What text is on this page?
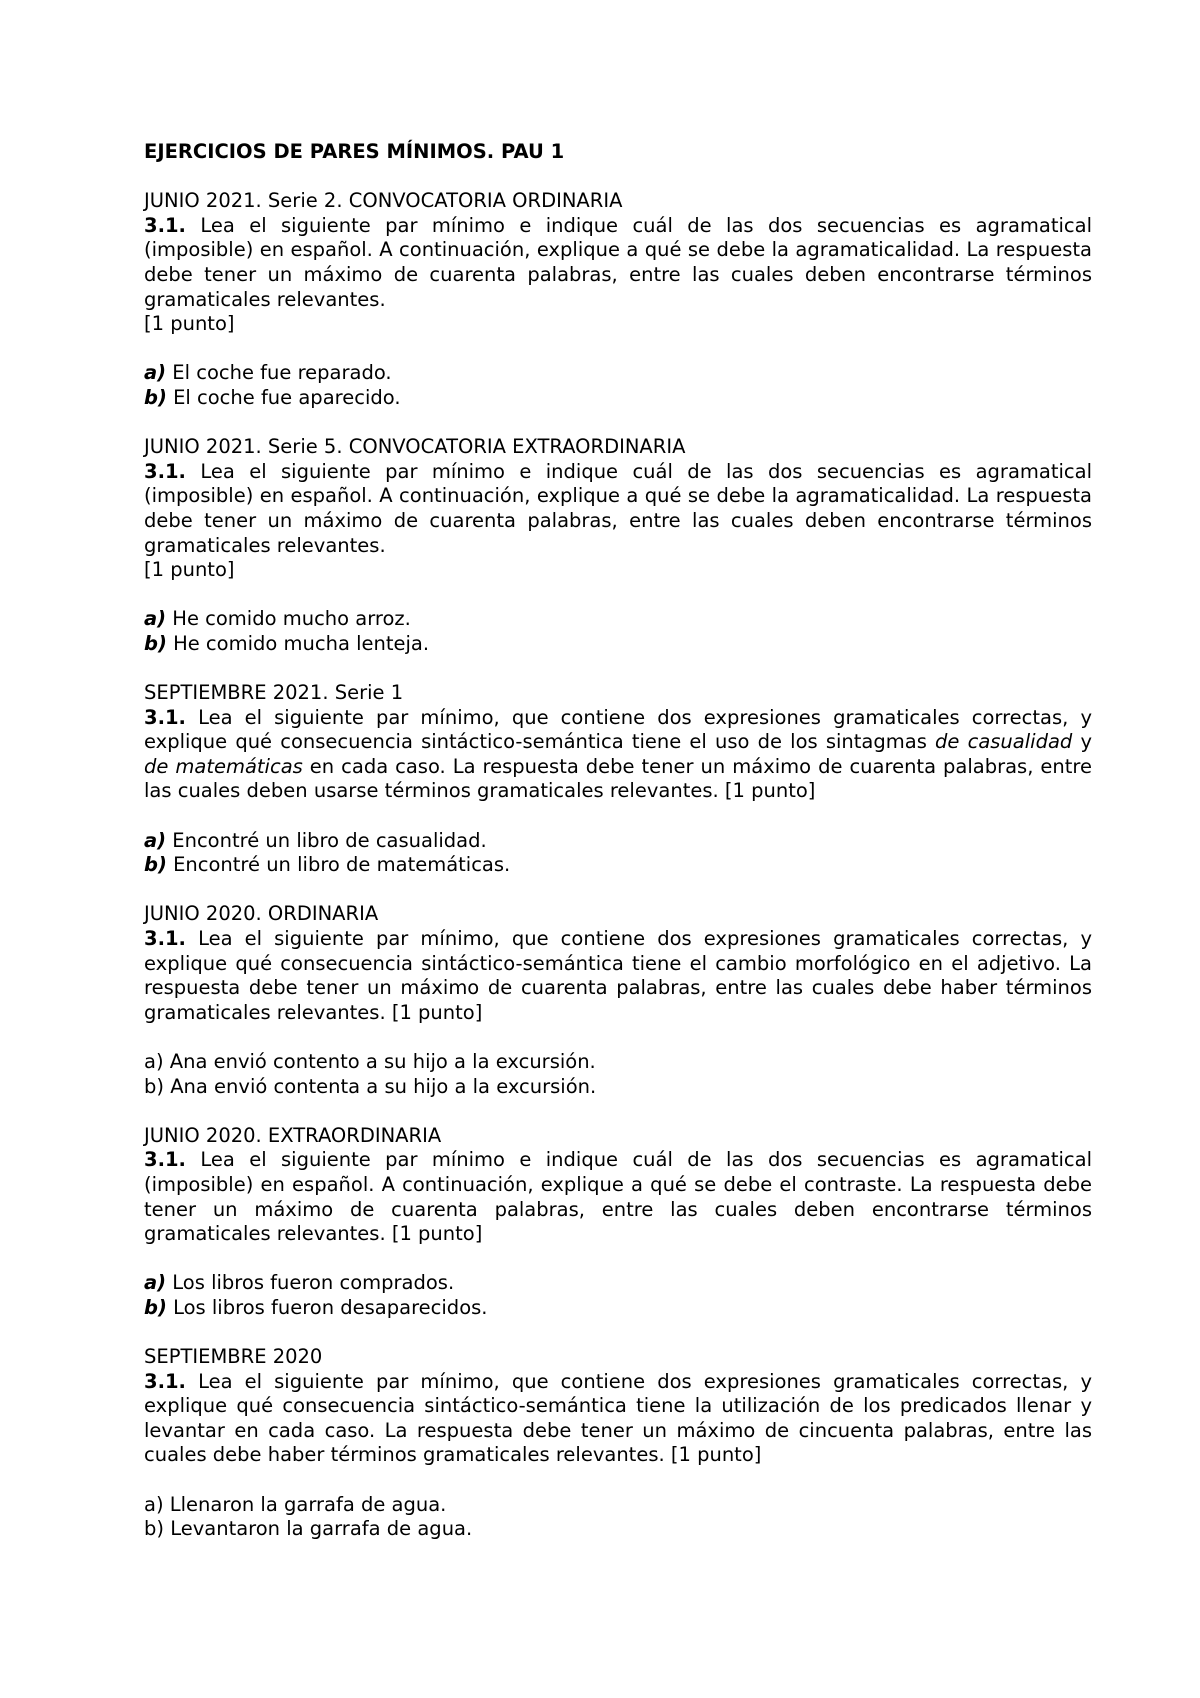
EJERCICIOS DE PARES MÍNIMOS. PAU 1

JUNIO 2021. Serie 2. CONVOCATORIA ORDINARIA

3.1. Lea el siguiente par mínimo e indique cuál de las dos secuencias es agramatical (imposible) en español. A continuación, explique a qué se debe la agramaticalidad. La respuesta debe tener un máximo de cuarenta palabras, entre las cuales deben encontrarse términos gramaticales relevantes.

[1 punto]

a) El coche fue reparado.

b) El coche fue aparecido.

JUNIO 2021. Serie 5. CONVOCATORIA EXTRAORDINARIA

3.1. Lea el siguiente par mínimo e indique cuál de las dos secuencias es agramatical (imposible) en español. A continuación, explique a qué se debe la agramaticalidad. La respuesta debe tener un máximo de cuarenta palabras, entre las cuales deben encontrarse términos gramaticales relevantes.

[1 punto]

a) He comido mucho arroz.

b) He comido mucha lenteja.

SEPTIEMBRE 2021. Serie 1

3.1. Lea el siguiente par mínimo, que contiene dos expresiones gramaticales correctas, y explique qué consecuencia sintáctico-semántica tiene el uso de los sintagmas de casualidad y de matemáticas en cada caso. La respuesta debe tener un máximo de cuarenta palabras, entre las cuales deben usarse términos gramaticales relevantes. [1 punto]

a) Encontré un libro de casualidad.

b) Encontré un libro de matemáticas.

JUNIO 2020. ORDINARIA

3.1. Lea el siguiente par mínimo, que contiene dos expresiones gramaticales correctas, y explique qué consecuencia sintáctico-semántica tiene el cambio morfológico en el adjetivo. La respuesta debe tener un máximo de cuarenta palabras, entre las cuales debe haber términos gramaticales relevantes. [1 punto]

a) Ana envió contento a su hijo a la excursión.

b) Ana envió contenta a su hijo a la excursión.

JUNIO 2020. EXTRAORDINARIA

3.1. Lea el siguiente par mínimo e indique cuál de las dos secuencias es agramatical (imposible) en español. A continuación, explique a qué se debe el contraste. La respuesta debe tener un máximo de cuarenta palabras, entre las cuales deben encontrarse términos gramaticales relevantes. [1 punto]

a) Los libros fueron comprados.

b) Los libros fueron desaparecidos.

SEPTIEMBRE 2020

3.1. Lea el siguiente par mínimo, que contiene dos expresiones gramaticales correctas, y explique qué consecuencia sintáctico-semántica tiene la utilización de los predicados llenar y levantar en cada caso. La respuesta debe tener un máximo de cincuenta palabras, entre las cuales debe haber términos gramaticales relevantes. [1 punto]

a) Llenaron la garrafa de agua.

b) Levantaron la garrafa de agua.
